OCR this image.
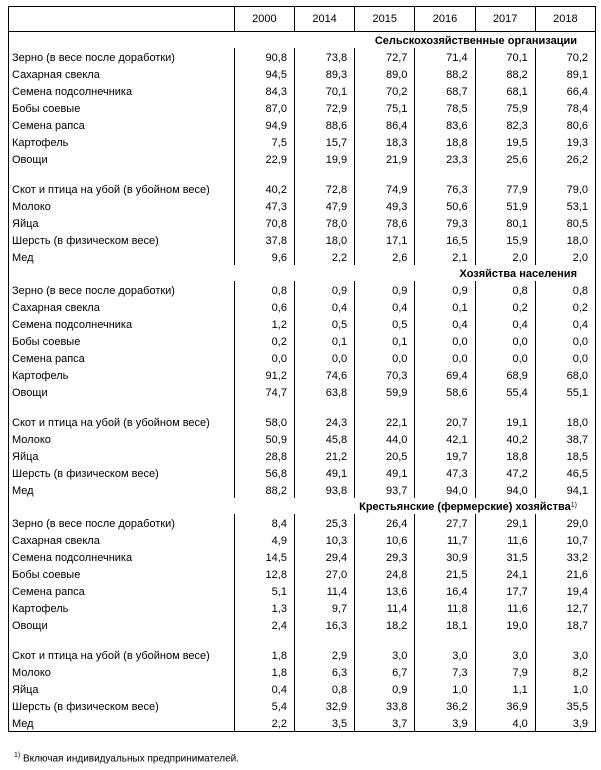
	2000	2014	2015	2016	2017	2018
Сельскохозяйственные организации						
Зерно (в весе после доработки)	90,8	73,8	72,7	71,4	70,1	70,2
Сахарная свекла	94,5	89,3	89,0	88,2	88,2	89,1
Семена подсолнечника	84,3	70,1	70,2	68,7	68,1	66,4
Бобы соевые	87,0	72,9	75,1	78,5	75,9	78,4
Семена рапса	94,9	88,6	86,4	83,6	82,3	80,6
Картофель	7,5	15,7	18,3	18,8	19,5	19,3
Овощи	22,9	19,9	21,9	23,3	25,6	26,2
Скот и птица на убой (в убойном весе)	40,2	72,8	74,9	76,3	77,9	79,0
Молоко	47,3	47,9	49,3	50,6	51,9	53,1
Яйца	70,8	78,0	78,6	79,3	80,1	80,5
Шерсть (в физическом весе)	37,8	18,0	17,1	16,5	15,9	18,0
Мед	9,6	2,2	2,6	2,1	2,0	2,0
Хозяйства населения						
Зерно (в весе после доработки)	0,8	0,9	0,9	0,9	0,8	0,8
Сахарная свекла	0,6	0,4	0,4	0,1	0,2	0,2
Семена подсолнечника	1,2	0,5	0,5	0,4	0,4	0,4
Бобы соевые	0,2	0,1	0,1	0,0	0,0	0,0
Семена рапса	0,0	0,0	0,0	0,0	0,0	0,0
Картофель	91,2	74,6	70,3	69,4	68,9	68,0
Овощи	74,7	63,8	59,9	58,6	55,4	55,1
Скот и птица на убой (в убойном весе)	58,0	24,3	22,1	20,7	19,1	18,0
Молоко	50,9	45,8	44,0	42,1	40,2	38,7
Яйца	28,8	21,2	20,5	19,7	18,8	18,5
Шерсть (в физическом весе)	56,8	49,1	49,1	47,3	47,2	46,5
Мед	88,2	93,8	93,7	94,0	94,0	94,1
Крестьянские (фермерские) хозяйства$^{1)}$
Зерно (в весе после доработки)	8,4	25,3	26,4	27,7	29,1	29,0
Сахарная свекла	4,9	10,3	10,6	11,7	11,6	10,7
Семена подсолнечника	14,5	29,4	29,3	30,9	31,5	33,2
Бобы соевые	12,8	27,0	24,8	21,5	24,1	21,6
Семена рапса	5,1	11,4	13,6	16,4	17,7	19,4
Картофель	1,3	9,7	11,4	11,8	11,6	12,7
Овощи	2,4	16,3	18,2	18,1	19,0	18,7
Скот и птица на убой (в убойном весе)	1,8	2,9	3,0	3,0	3,0	3,0
Молоко	1,8	6,3	6,7	7,3	7,9	8,2
Яйца	0,4	0,8	0,9	1,0	1,1	1,0
Шерсть (в физическом весе)	5,4	32,9	33,8	36,2	36,9	35,5
Мед	2,2	3,5	3,7	3,9	4,0	3,9
$^{1)}$ Включая индивидуальных предпринимателей.
